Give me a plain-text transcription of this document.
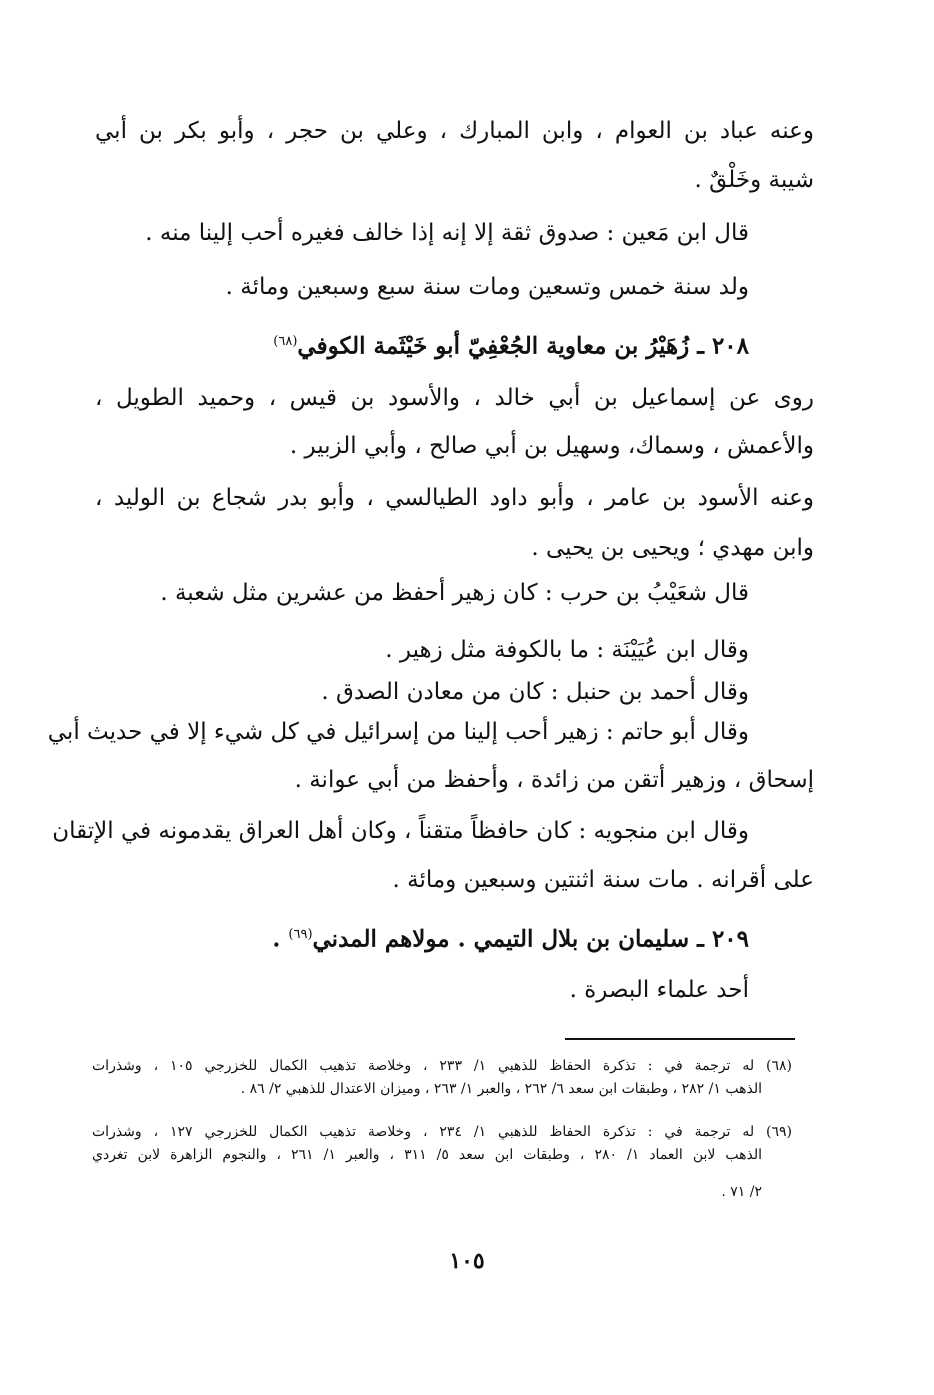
وعنه عباد بن العوام ، وابن المبارك ، وعلي بن حجر ، وأبو بكر بن أبي
شيبة وخَلْقٌ .
قال ابن مَعين : صدوق ثقة إلا إنه إذا خالف فغيره أحب إلينا منه .
ولد سنة خمس وتسعين ومات سنة سبع وسبعين ومائة .
٢٠٨ ـ زُهَيْرُ بن معاوية الجُعْفِيّ أبو خَيْثَمة الكوفي$^{(٦٨)}$
روى عن إسماعيل بن أبي خالد ، والأسود بن قيس ، وحميد الطويل ،
والأعمش ، وسماك، وسهيل بن أبي صالح ، وأبي الزبير .
وعنه الأسود بن عامر ، وأبو داود الطيالسي ، وأبو بدر شجاع بن الوليد ،
وابن مهدي ؛ ويحيى بن يحيى .
قال شعَيْبُ بن حرب : كان زهير أحفظ من عشرين مثل شعبة .
وقال ابن عُيَيْنَة : ما بالكوفة مثل زهير .
وقال أحمد بن حنبل : كان من معادن الصدق .
وقال أبو حاتم : زهير أحب إلينا من إسرائيل في كل شيء إلا في حديث أبي
إسحاق ، وزهير أتقن من زائدة ، وأحفظ من أبي عوانة .
وقال ابن منجويه : كان حافظاً متقناً ، وكان أهل العراق يقدمونه في الإتقان
على أقرانه . مات سنة اثنتين وسبعين ومائة .
٢٠٩ ـ سليمان بن بلال التيمي . مولاهم المدني$^{(٦٩)}$ .
أحد علماء البصرة .
(٦٨) له ترجمة في : تذكرة الحفاظ للذهبي ١/ ٢٣٣ ، وخلاصة تذهيب الكمال للخزرجي ١٠٥ ، وشذرات
الذهب ١/ ٢٨٢ ، وطبقات ابن سعد ٦/ ٢٦٢ ، والعبر ١/ ٢٦٣ ، وميزان الاعتدال للذهبي ٢/ ٨٦ .
(٦٩) له ترجمة في : تذكرة الحفاظ للذهبي ١/ ٢٣٤ ، وخلاصة تذهيب الكمال للخزرجي ١٢٧ ، وشذرات
الذهب لابن العماد ١/ ٢٨٠ ، وطبقات ابن سعد ٥/ ٣١١ ، والعبر ١/ ٢٦١ ، والنجوم الزاهرة لابن تغردي
٢/ ٧١ .
١٠٥
